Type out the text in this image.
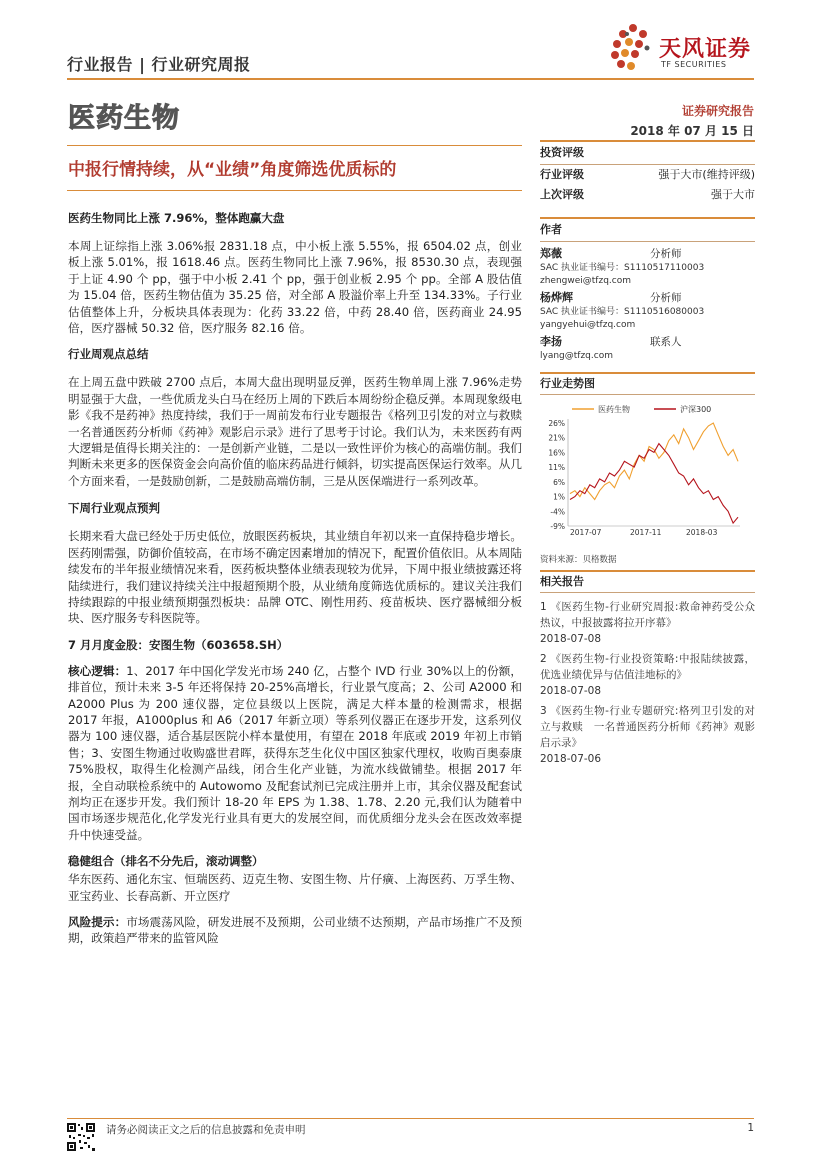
行业报告 | 行业研究周报
天风证券
TF SECURITIES
医药生物	证券研究报告
2018 年 07 月 15 日
中报行情持续，从“业绩”角度筛选优质标的
医药生物同比上涨 7.96%，整体跑赢大盘
本周上证综指上涨 3.06%报 2831.18 点，中小板上涨 5.55%，报 6504.02 点，创业板上涨 5.01%，报 1618.46 点。医药生物同比上涨 7.96%，报 8530.30 点，表现强于上证 4.90 个 pp，强于中小板 2.41 个 pp，强于创业板 2.95 个 pp。全部 A 股估值为 15.04 倍，医药生物估值为 35.25 倍，对全部 A 股溢价率上升至 134.33%。子行业估值整体上升，分板块具体表现为：化药 33.22 倍，中药 28.40 倍，医药商业 24.95 倍，医疗器械 50.32 倍，医疗服务 82.16 倍。
行业周观点总结
在上周五盘中跌破 2700 点后，本周大盘出现明显反弹，医药生物单周上涨 7.96%走势明显强于大盘，一些优质龙头白马在经历上周的下跌后本周纷纷企稳反弹。本周现象级电影《我不是药神》热度持续，我们于一周前发布行业专题报告《格列卫引发的对立与救赎一名普通医药分析师《药神》观影启示录》进行了思考于讨论。我们认为，未来医药有两大逻辑是值得长期关注的：一是创新产业链，二是以一致性评价为核心的高端仿制。我们判断未来更多的医保资金会向高价值的临床药品进行倾斜，切实提高医保运行效率。从几个方面来看，一是鼓励创新，二是鼓励高端仿制，三是从医保端进行一系列改革。
下周行业观点预判
长期来看大盘已经处于历史低位，放眼医药板块，其业绩自年初以来一直保持稳步增长。医药刚需强，防御价值较高，在市场不确定因素增加的情况下，配置价值依旧。从本周陆续发布的半年报业绩情况来看，医药板块整体业绩表现较为优异，下周中报业绩披露还将陆续进行，我们建议持续关注中报超预期个股，从业绩角度筛选优质标的。建议关注我们持续跟踪的中报业绩预期强烈板块：品牌 OTC、刚性用药、疫苗板块、医疗器械细分板块、医疗服务专科医院等。
7 月月度金股：安图生物（603658.SH）
核心逻辑：1、2017 年中国化学发光市场 240 亿，占整个 IVD 行业 30%以上的份额，排首位，预计未来 3-5 年还将保持 20-25%高增长，行业景气度高；2、公司 A2000 和 A2000 Plus 为 200 速仪器，定位县级以上医院，满足大样本量的检测需求，根据 2017 年报，A1000plus 和 A6（2017 年新立项）等系列仪器正在逐步开发，这系列仪器为 100 速仪器，适合基层医院小样本量使用，有望在 2018 年底或 2019 年初上市销售；3、安图生物通过收购盛世君晖，获得东芝生化仪中国区独家代理权，收购百奥泰康 75%股权，取得生化检测产品线，闭合生化产业链，为流水线做铺垫。根据 2017 年报，全自动联检系统中的 Autowomo 及配套试剂已完成注册并上市，其余仪器及配套试剂均正在逐步开发。我们预计 18-20 年 EPS 为 1.38、1.78、2.20 元,我们认为随着中国市场逐步规范化,化学发光行业具有更大的发展空间，而优质细分龙头会在医改效率提升中快速受益。
稳健组合（排名不分先后，滚动调整）
华东医药、通化东宝、恒瑞医药、迈克生物、安图生物、片仔癀、上海医药、万孚生物、亚宝药业、长春高新、开立医疗
风险提示：市场震荡风险，研发进展不及预期，公司业绩不达预期，产品市场推广不及预期，政策趋严带来的监管风险
投资评级
行业评级	强于大市(维持评级)
上次评级	强于大市
作者
郑薇	分析师
SAC 执业证书编号：S1110517110003
zhengwei@tfzq.com
杨烨辉	分析师
SAC 执业证书编号：S1110516080003
yangyehui@tfzq.com
李扬	联系人
lyang@tfzq.com
行业走势图
医药生物	沪深300
26%
21%
16%
11%
6%
1%
-4%
-9%
2017-07	2017-11	2018-03
资料来源：贝格数据
相关报告
1 《医药生物-行业研究周报:救命神药受公众热议，中报披露将拉开序幕》
2018-07-08
2 《医药生物-行业投资策略:中报陆续披露，优选业绩优异与估值洼地标的》
2018-07-08
3 《医药生物-行业专题研究:格列卫引发的对立与救赎　一名普通医药分析师《药神》观影启示录》
2018-07-06
请务必阅读正文之后的信息披露和免责申明	1
